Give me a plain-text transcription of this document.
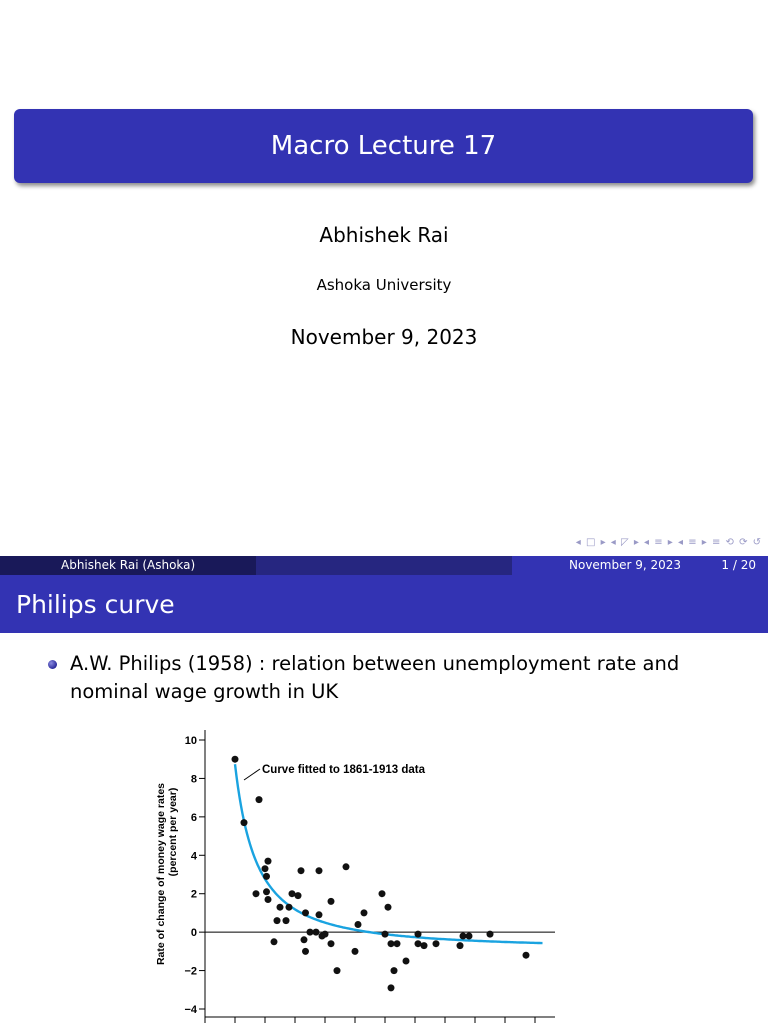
Macro Lecture 17
Abhishek Rai
Ashoka University
November 9, 2023
◂ □ ▸ ◂ ◸ ▸ ◂ ≡ ▸ ◂ ≡ ▸ ≡ ⟲ ⟳ ↺
Abhishek Rai (Ashoka)	November 9, 2023	1 / 20
Philips curve
A.W. Philips (1958) : relation between unemployment rate and nominal wage growth in UK
10
8
6
4
2
0
−2
−4
Curve fitted to 1861-1913 data
Rate of change of money wage rates (percent per year)
